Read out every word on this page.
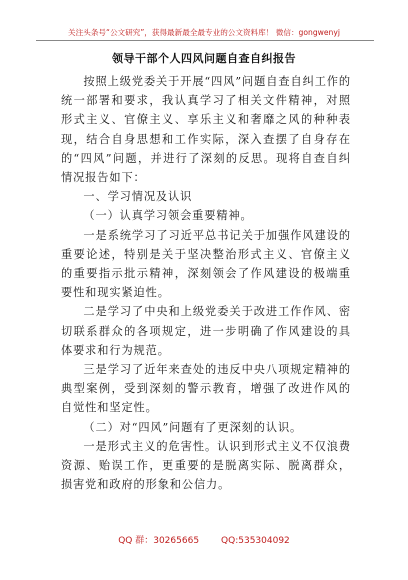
关注头条号“公文研究”，获得最新最全最专业的公文资料库！ 微信：gongwenyj
领导干部个人四风问题自查自纠报告

按照上级党委关于开展“四风”问题自查自纠工作的统一部署和要求，我认真学习了相关文件精神，对照形式主义、官僚主义、享乐主义和奢靡之风的种种表现，结合自身思想和工作实际，深入查摆了自身存在的“四风”问题，并进行了深刻的反思。现将自查自纠情况报告如下：

一、学习情况及认识

（一）认真学习领会重要精神。

一是系统学习了习近平总书记关于加强作风建设的重要论述，特别是关于坚决整治形式主义、官僚主义的重要指示批示精神，深刻领会了作风建设的极端重要性和现实紧迫性。

二是学习了中央和上级党委关于改进工作作风、密切联系群众的各项规定，进一步明确了作风建设的具体要求和行为规范。

三是学习了近年来查处的违反中央八项规定精神的典型案例，受到深刻的警示教育，增强了改进作风的自觉性和坚定性。

（二）对“四风”问题有了更深刻的认识。

一是形式主义的危害性。认识到形式主义不仅浪费资源、贻误工作，更重要的是脱离实际、脱离群众，损害党和政府的形象和公信力。

QQ 群：30265665 QQ:535304092
